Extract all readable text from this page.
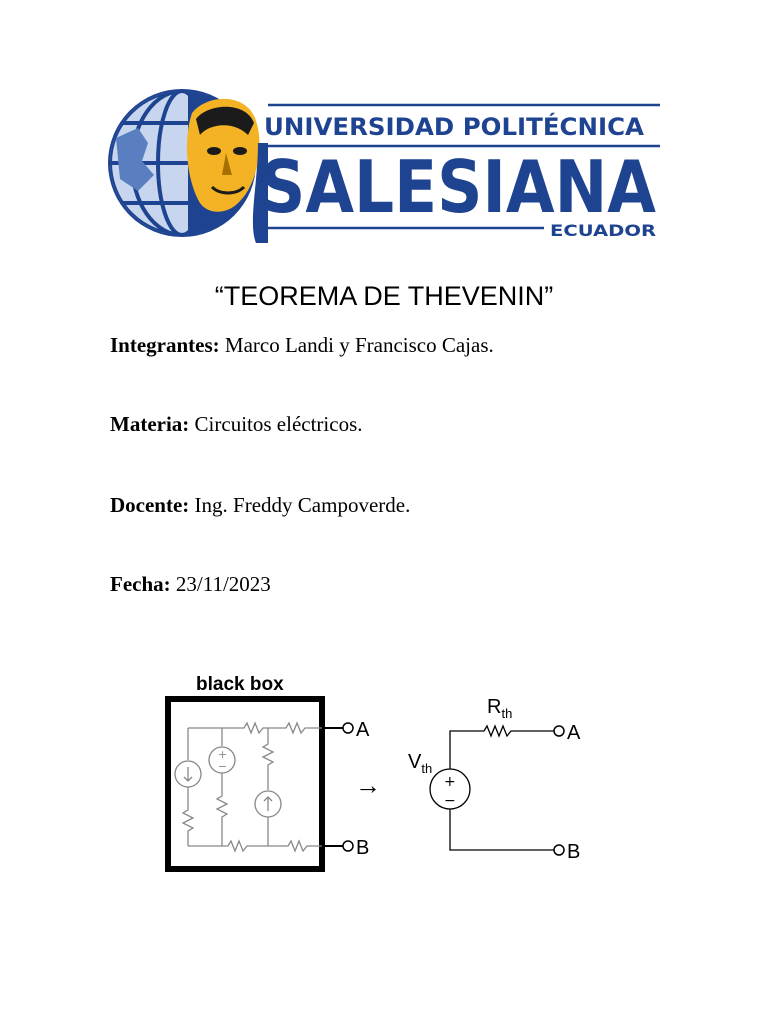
UNIVERSIDAD POLITÉCNICA
SALESIANA
ECUADOR
“TEOREMA DE THEVENIN”
Integrantes: Marco Landi y Francisco Cajas.
Materia: Circuitos eléctricos.
Docente: Ing. Freddy Campoverde.
Fecha: 23/11/2023
black box
+
−
A
B
→	+
−
$V_{th}$
$R_{th}$
A
B
